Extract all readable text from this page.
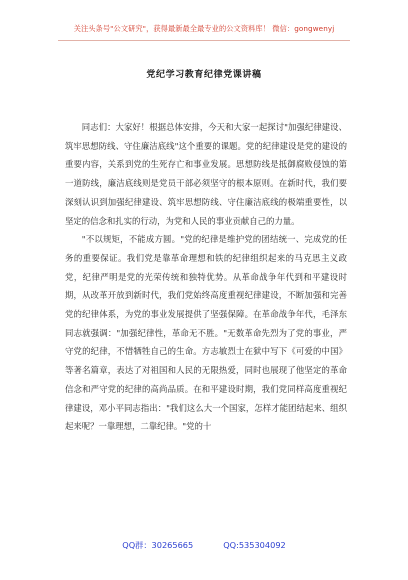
关注头条号"公文研究"，获得最新最全最专业的公文资料库！ 微信：gongwenyj
党纪学习教育纪律党课讲稿

同志们：大家好！根据总体安排，今天和大家一起探讨"加强纪律建设、筑牢思想防线、守住廉洁底线"这个重要的课题。党的纪律建设是党的建设的重要内容，关系到党的生死存亡和事业发展。思想防线是抵御腐败侵蚀的第一道防线，廉洁底线则是党员干部必须坚守的根本原则。在新时代，我们要深刻认识到加强纪律建设、筑牢思想防线、守住廉洁底线的极端重要性，以坚定的信念和扎实的行动，为党和人民的事业贡献自己的力量。

"不以规矩，不能成方圆。"党的纪律是维护党的团结统一、完成党的任务的重要保证。我们党是靠革命理想和铁的纪律组织起来的马克思主义政党，纪律严明是党的光荣传统和独特优势。从革命战争年代到和平建设时期，从改革开放到新时代，我们党始终高度重视纪律建设，不断加强和完善党的纪律体系，为党的事业发展提供了坚强保障。在革命战争年代，毛泽东同志就强调："加强纪律性，革命无不胜。"无数革命先烈为了党的事业，严守党的纪律，不惜牺牲自己的生命。方志敏烈士在狱中写下《可爱的中国》等著名篇章，表达了对祖国和人民的无限热爱，同时也展现了他坚定的革命信念和严守党的纪律的高尚品质。在和平建设时期，我们党同样高度重视纪律建设，邓小平同志指出："我们这么大一个国家，怎样才能团结起来、组织起来呢？一靠理想，二靠纪律。"党的十

QQ群：30265665	QQ:535304092
